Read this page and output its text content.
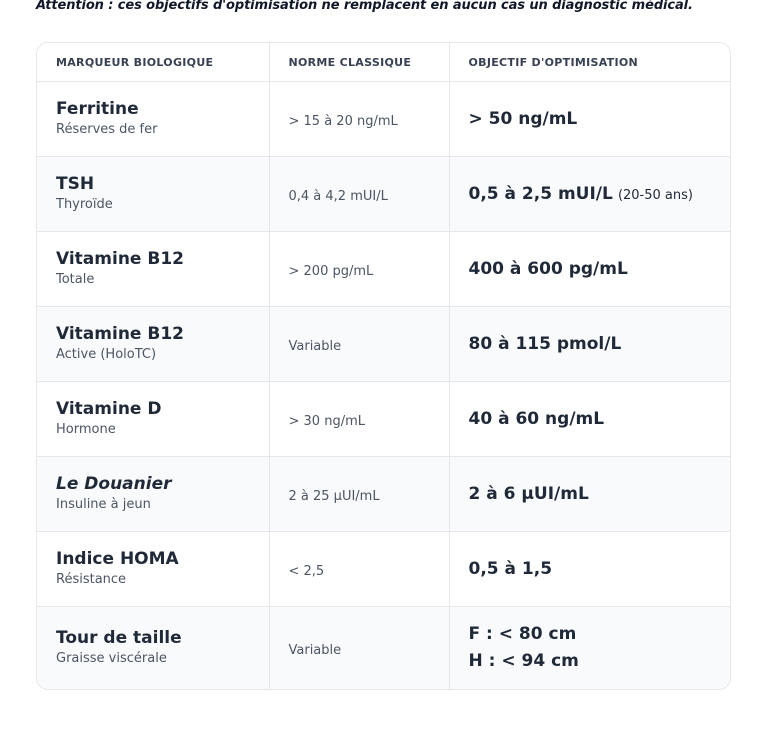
Attention : ces objectifs d'optimisation ne remplacent en aucun cas un diagnostic médical.
MARQUEUR BIOLOGIQUE	NORME CLASSIQUE	OBJECTIF D'OPTIMISATION

Ferritine
Réserves de fer	> 15 à 20 ng/mL	> 50 ng/mL

TSH
Thyroïde	0,4 à 4,2 mUI/L	0,5 à 2,5 mUI/L (20-50 ans)

Vitamine B12
Totale	> 200 pg/mL	400 à 600 pg/mL

Vitamine B12
Active (HoloTC)	Variable	80 à 115 pmol/L

Vitamine D
Hormone	> 30 ng/mL	40 à 60 ng/mL

Le Douanier
Insuline à jeun	2 à 25 µUI/mL	2 à 6 µUI/mL

Indice HOMA
Résistance	< 2,5	0,5 à 1,5

Tour de taille
Graisse viscérale	Variable	F : < 80 cm
H : < 94 cm
